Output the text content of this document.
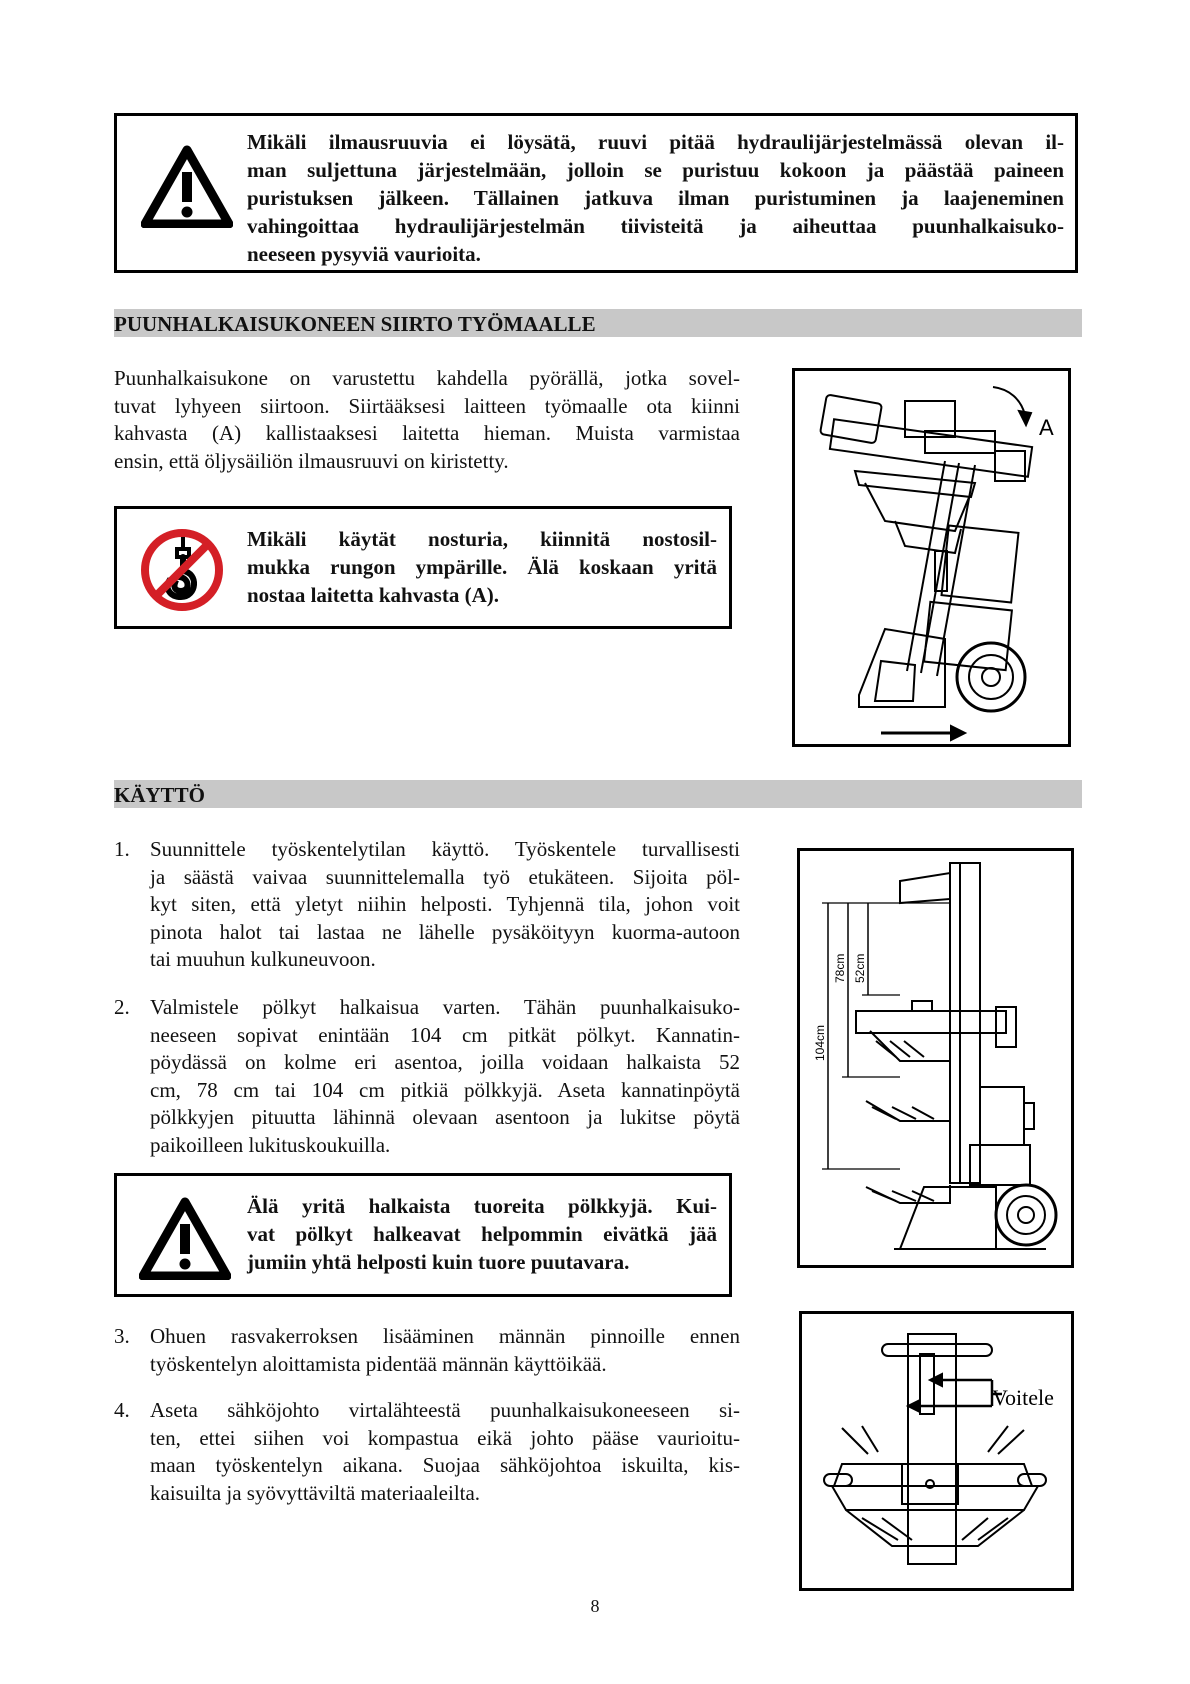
Mikäli ilmausruuvia ei löysätä, ruuvi pitää hydraulijärjestelmässä olevan il-
man suljettuna järjestelmään, jolloin se puristuu kokoon ja päästää paineen
puristuksen jälkeen. Tällainen jatkuva ilman puristuminen ja laajeneminen
vahingoittaa hydraulijärjestelmän tiivisteitä ja aiheuttaa puunhalkaisuko-
neeseen pysyviä vaurioita.
PUUNHALKAISUKONEEN SIIRTO TYÖMAALLE
Puunhalkaisukone on varustettu kahdella pyörällä, jotka sovel-
tuvat lyhyeen siirtoon. Siirtääksesi laitteen työmaalle ota kiinni
kahvasta (A) kallistaaksesi laitetta hieman. Muista varmistaa
ensin, että öljysäiliön ilmausruuvi on kiristetty.
Mikäli käytät nosturia, kiinnitä nostosil-
mukka rungon ympärille. Älä koskaan yritä
nostaa laitetta kahvasta (A).
A
KÄYTTÖ
1. Suunnittele työskentelytilan käyttö. Työskentele turvallisesti
ja säästä vaivaa suunnittelemalla työ etukäteen. Sijoita pöl-
kyt siten, että yletyt niihin helposti. Tyhjennä tila, johon voit
pinota halot tai lastaa ne lähelle pysäköityyn kuorma-autoon
tai muuhun kulkuneuvoon.
2. Valmistele pölkyt halkaisua varten. Tähän puunhalkaisuko-
neeseen sopivat enintään 104 cm pitkät pölkyt. Kannatin-
pöydässä on kolme eri asentoa, joilla voidaan halkaista 52
cm, 78 cm tai 104 cm pitkiä pölkkyjä. Aseta kannatinpöytä
pölkkyjen pituutta lähinnä olevaan asentoon ja lukitse pöytä
paikoilleen lukituskoukuilla.
Älä yritä halkaista tuoreita pölkkyjä. Kui-
vat pölkyt halkeavat helpommin eivätkä jää
jumiin yhtä helposti kuin tuore puutavara.
3. Ohuen rasvakerroksen lisääminen männän pinnoille ennen
työskentelyn aloittamista pidentää männän käyttöikää.
4. Aseta sähköjohto virtalähteestä puunhalkaisukoneeseen si-
ten, ettei siihen voi kompastua eikä johto pääse vaurioitu-
maan työskentelyn aikana. Suojaa sähköjohtoa iskuilta, kis-
kaisuilta ja syövyttäviltä materiaaleilta.
104cm
78cm 52cm
Voitele
8
